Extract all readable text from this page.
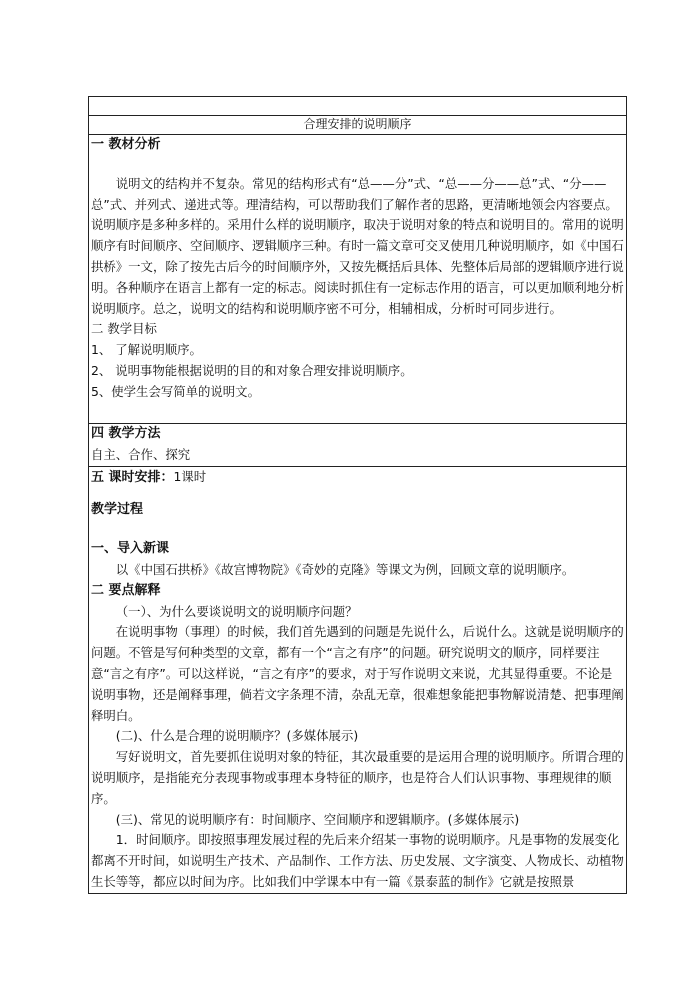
合理安排的说明顺序

一 教材分析

说明文的结构并不复杂。常见的结构形式有“总——分”式、“总——分——总”式、“分——总”式、并列式、递进式等。理清结构，可以帮助我们了解作者的思路，更清晰地领会内容要点。说明顺序是多种多样的。采用什么样的说明顺序，取决于说明对象的特点和说明目的。常用的说明顺序有时间顺序、空间顺序、逻辑顺序三种。有时一篇文章可交叉使用几种说明顺序，如《中国石拱桥》一文，除了按先古后今的时间顺序外，又按先概括后具体、先整体后局部的逻辑顺序进行说明。各种顺序在语言上都有一定的标志。阅读时抓住有一定标志作用的语言，可以更加顺利地分析说明顺序。总之，说明文的结构和说明顺序密不可分，相辅相成，分析时可同步进行。

二 教学目标

1、 了解说明顺序。

2、 说明事物能根据说明的目的和对象合理安排说明顺序。

5、使学生会写简单的说明文。

四 教学方法

自主、合作、探究

五 课时安排：1课时

教学过程

一、导入新课

以《中国石拱桥》《故宫博物院》《奇妙的克隆》等课文为例，回顾文章的说明顺序。

二 要点解释

（一）、为什么要谈说明文的说明顺序问题？

在说明事物（事理）的时候，我们首先遇到的问题是先说什么，后说什么。这就是说明顺序的问题。不管是写何种类型的文章，都有一个“言之有序”的问题。研究说明文的顺序，同样要注意“言之有序”。可以这样说，“言之有序”的要求，对于写作说明文来说，尤其显得重要。不论是说明事物，还是阐释事理，倘若文字条理不清，杂乱无章，很难想象能把事物解说清楚、把事理阐释明白。

(二)、什么是合理的说明顺序？(多媒体展示)

写好说明文，首先要抓住说明对象的特征，其次最重要的是运用合理的说明顺序。所谓合理的说明顺序，是指能充分表现事物或事理本身特征的顺序，也是符合人们认识事物、事理规律的顺序。

(三)、常见的说明顺序有：时间顺序、空间顺序和逻辑顺序。(多媒体展示)

1．时间顺序。即按照事理发展过程的先后来介绍某一事物的说明顺序。凡是事物的发展变化都离不开时间，如说明生产技术、产品制作、工作方法、历史发展、文字演变、人物成长、动植物生长等等，都应以时间为序。比如我们中学课本中有一篇《景泰蓝的制作》它就是按照景
